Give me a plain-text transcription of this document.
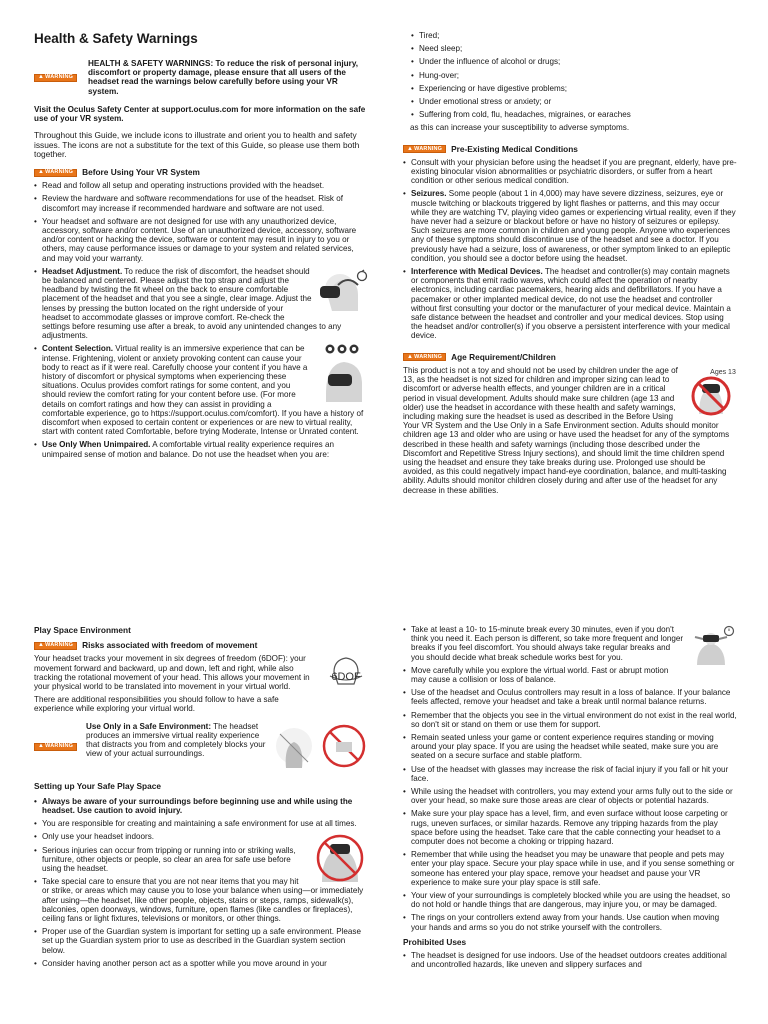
Health & Safety Warnings
▲ WARNING
HEALTH & SAFETY WARNINGS: To reduce the risk of personal injury, discomfort or property damage, please ensure that all users of the headset read the warnings below carefully before using your VR system.

Visit the Oculus Safety Center at support.oculus.com for more information on the safe use of your VR system.

Throughout this Guide, we include icons to illustrate and orient you to health and safety issues. The icons are not a substitute for the text of this Guide, so please use them both together.

▲ WARNING Before Using Your VR System
• Read and follow all setup and operating instructions provided with the headset.
• Review the hardware and software recommendations for use of the headset. Risk of discomfort may increase if recommended hardware and software are not used.
• Your headset and software are not designed for use with any unauthorized device, accessory, software and/or content. Use of an unauthorized device, accessory, software and/or content or hacking the device, software or content may result in injury to you or others, may cause performance issues or damage to your system and related services, and may void your warranty.
• Headset Adjustment. To reduce the risk of discomfort, the headset should be balanced and centered. Please adjust the top strap and adjust the headband by twisting the fit wheel on the back to ensure comfortable placement of the headset and that you see a single, clear image. Adjust the lenses by pressing the button located on the right underside of your headset to accommodate glasses or improve comfort. Re-check the settings before resuming use after a break, to avoid any unintended changes to any adjustments.
• Content Selection. Virtual reality is an immersive experience that can be intense. Frightening, violent or anxiety provoking content can cause your body to react as if it were real. Carefully choose your content if you have a history of discomfort or physical symptoms when experiencing these situations. Oculus provides comfort ratings for some content, and you should review the comfort rating for your content before use. (For more details on comfort ratings and how they can assist in providing a comfortable experience, go to https://support.oculus.com/comfort). If you have a history of discomfort when exposed to certain content or experiences or are new to virtual reality, start with content rated Comfortable, before trying Moderate, Intense or Unrated content.
• Use Only When Unimpaired. A comfortable virtual reality experience requires an unimpaired sense of motion and balance. Do not use the headset when you are:
• Tired;
• Need sleep;
• Under the influence of alcohol or drugs;
• Hung-over;
• Experiencing or have digestive problems;
• Under emotional stress or anxiety; or
• Suffering from cold, flu, headaches, migraines, or earaches

as this can increase your susceptibility to adverse symptoms.

▲ WARNING Pre-Existing Medical Conditions
• Consult with your physician before using the headset if you are pregnant, elderly, have pre-existing binocular vision abnormalities or psychiatric disorders, or suffer from a heart condition or other serious medical condition.
• Seizures. Some people (about 1 in 4,000) may have severe dizziness, seizures, eye or muscle twitching or blackouts triggered by light flashes or patterns, and this may occur while they are watching TV, playing video games or experiencing virtual reality, even if they have never had a seizure or blackout before or have no history of seizures or epilepsy. Such seizures are more common in children and young people. Anyone who experiences any of these symptoms should discontinue use of the headset and see a doctor. If you previously have had a seizure, loss of awareness, or other symptom linked to an epileptic condition, you should see a doctor before using the headset.
• Interference with Medical Devices. The headset and controller(s) may contain magnets or components that emit radio waves, which could affect the operation of nearby electronics, including cardiac pacemakers, hearing aids and defibrillators. If you have a pacemaker or other implanted medical device, do not use the headset and controller without first consulting your doctor or the manufacturer of your medical device. Maintain a safe distance between the headset and controller and your medical devices. Stop using the headset and/or controller(s) if you observe a persistent interference with your medical device.
▲ WARNING Age Requirement/Children
Ages 13

This product is not a toy and should not be used by children under the age of 13, as the headset is not sized for children and improper sizing can lead to discomfort or adverse health effects, and younger children are in a critical period in visual development. Adults should make sure children (age 13 and older) use the headset in accordance with these health and safety warnings, including making sure the headset is used as described in the Before Using Your VR System and the Use Only in a Safe Environment section. Adults should monitor children age 13 and older who are using or have used the headset for any of the symptoms described in these health and safety warnings (including those described under the Discomfort and Repetitive Stress Injury sections), and should limit the time children spend using the headset and ensure they take breaks during use. Prolonged use should be avoided, as this could negatively impact hand-eye coordination, balance, and multi-tasking ability. Adults should monitor children closely during and after use of the headset for any decrease in these abilities.

Play Space Environment
▲ WARNING Risks associated with freedom of movement
6DOF

Your headset tracks your movement in six degrees of freedom (6DOF): your movement forward and backward, up and down, left and right, while also tracking the rotational movement of your head. This allows your movement in your physical world to be translated into movement in your virtual world.

There are additional responsibilities you should follow to have a safe experience while exploring your virtual world.

▲ WARNING
Use Only in a Safe Environment: The headset produces an immersive virtual reality experience that distracts you from and completely blocks your view of your actual surroundings.
Setting up Your Safe Play Space
• Always be aware of your surroundings before beginning use and while using the headset. Use caution to avoid injury.
• You are responsible for creating and maintaining a safe environment for use at all times.
• Only use your headset indoors.
• Serious injuries can occur from tripping or running into or striking walls, furniture, other objects or people, so clear an area for safe use before using the headset.
• Take special care to ensure that you are not near items that you may hit or strike, or areas which may cause you to lose your balance when using—or immediately after using—the headset, like other people, objects, stairs or steps, ramps, sidewalk(s), balconies, open doorways, windows, furniture, open flames (like candles or fireplaces), ceiling fans or light fixtures, televisions or monitors, or other things.
• Proper use of the Guardian system is important for setting up a safe environment. Please set up the Guardian system prior to use as described in the Guardian system section below.
• Consider having another person act as a spotter while you move around in your
• Take at least a 10- to 15-minute break every 30 minutes, even if you don't think you need it. Each person is different, so take more frequent and longer breaks if you feel discomfort. You should always take regular breaks and you should decide what break schedule works best for you.
• Move carefully while you explore the virtual world. Fast or abrupt motion may cause a collision or loss of balance.
• Use of the headset and Oculus controllers may result in a loss of balance. If your balance feels affected, remove your headset and take a break until normal balance returns.
• Remember that the objects you see in the virtual environment do not exist in the real world, so don't sit or stand on them or use them for support.
• Remain seated unless your game or content experience requires standing or moving around your play space. If you are using the headset while seated, make sure you are seated on a secure surface and stable platform.
• Use of the headset with glasses may increase the risk of facial injury if you fall or hit your face.
• While using the headset with controllers, you may extend your arms fully out to the side or over your head, so make sure those areas are clear of objects or potential hazards.
• Make sure your play space has a level, firm, and even surface without loose carpeting or rugs, uneven surfaces, or similar hazards. Remove any tripping hazards from the play space before using the headset. Take care that the cable connecting your headset to a computer does not become a choking or tripping hazard.
• Remember that while using the headset you may be unaware that people and pets may enter your play space. Secure your play space while in use, and if you sense something or someone has entered your play space, remove your headset and pause your VR experience to make sure your play space is still safe.
• Your view of your surroundings is completely blocked while you are using the headset, so do not hold or handle things that are dangerous, may injure you, or may be damaged.
• The rings on your controllers extend away from your hands. Use caution when moving your hands and arms so you do not strike yourself with the controllers.
Prohibited Uses
• The headset is designed for use indoors. Use of the headset outdoors creates additional and uncontrolled hazards, like uneven and slippery surfaces and
